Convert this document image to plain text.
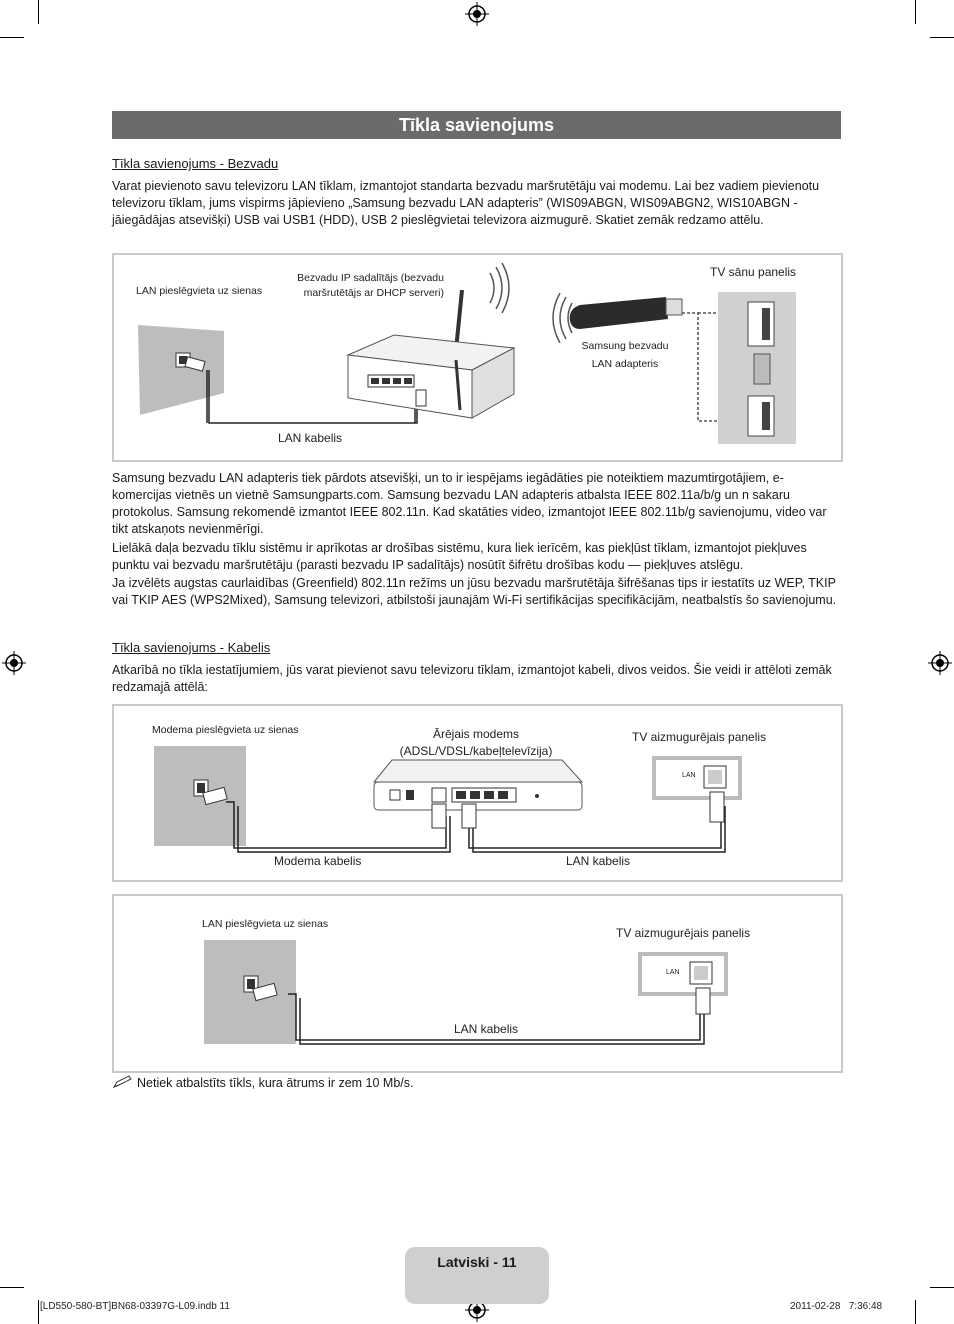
Tīkla savienojums
Tīkla savienojums - Bezvadu

Varat pievienoto savu televizoru LAN tīklam, izmantojot standarta bezvadu maršrutētāju vai modemu. Lai bez vadiem pievienotu televizoru tīklam, jums vispirms jāpievieno „Samsung bezvadu LAN adapteris” (WIS09ABGN, WIS09ABGN2, WIS10ABGN - jāiegādājas atsevišķi) USB vai USB1 (HDD), USB 2 pieslēgvietai televizora aizmugurē. Skatiet zemāk redzamo attēlu.

LAN pieslēgvieta uz sienas
Bezvadu IP sadalītājs (bezvadu maršrutētājs ar DHCP serveri)
TV sānu panelis
Samsung bezvadu LAN adapteris
LAN kabelis

Samsung bezvadu LAN adapteris tiek pārdots atsevišķi, un to ir iespējams iegādāties pie noteiktiem mazumtirgotājiem, e-komercijas vietnēs un vietnē Samsungparts.com. Samsung bezvadu LAN adapteris atbalsta IEEE 802.11a/b/g un n sakaru protokolus. Samsung rekomendē izmantot IEEE 802.11n. Kad skatāties video, izmantojot IEEE 802.11b/g savienojumu, video var tikt atskaņots nevienmērīgi.

Lielākā daļa bezvadu tīklu sistēmu ir aprīkotas ar drošības sistēmu, kura liek ierīcēm, kas piekļūst tīklam, izmantojot piekļuves punktu vai bezvadu maršrutētāju (parasti bezvadu IP sadalītājs) nosūtīt šifrētu drošības kodu — piekļuves atslēgu.

Ja izvēlēts augstas caurlaidības (Greenfield) 802.11n režīms un jūsu bezvadu maršrutētāja šifrēšanas tips ir iestatīts uz WEP, TKIP vai TKIP AES (WPS2Mixed), Samsung televizori, atbilstoši jaunajām Wi-Fi sertifikācijas specifikācijām, neatbalstīs šo savienojumu.

Tīkla savienojums - Kabelis

Atkarībā no tīkla iestatījumiem, jūs varat pievienot savu televizoru tīklam, izmantojot kabeli, divos veidos. Šie veidi ir attēloti zemāk redzamajā attēlā:

Modema pieslēgvieta uz sienas	Ārējais modems (ADSL/VDSL/kabeļtelevīzija)
TV aizmugurējais panelis
Modema kabelis	LAN kabelis
LAN
LAN pieslēgvieta uz sienas
TV aizmugurējais panelis
LAN kabelis
LAN
Netiek atbalstīts tīkls, kura ātrums ir zem 10 Mb/s.
Latviski - 11
[LD550-580-BT]BN68-03397G-L09.indb 11	2011-02-28   7:36:48
